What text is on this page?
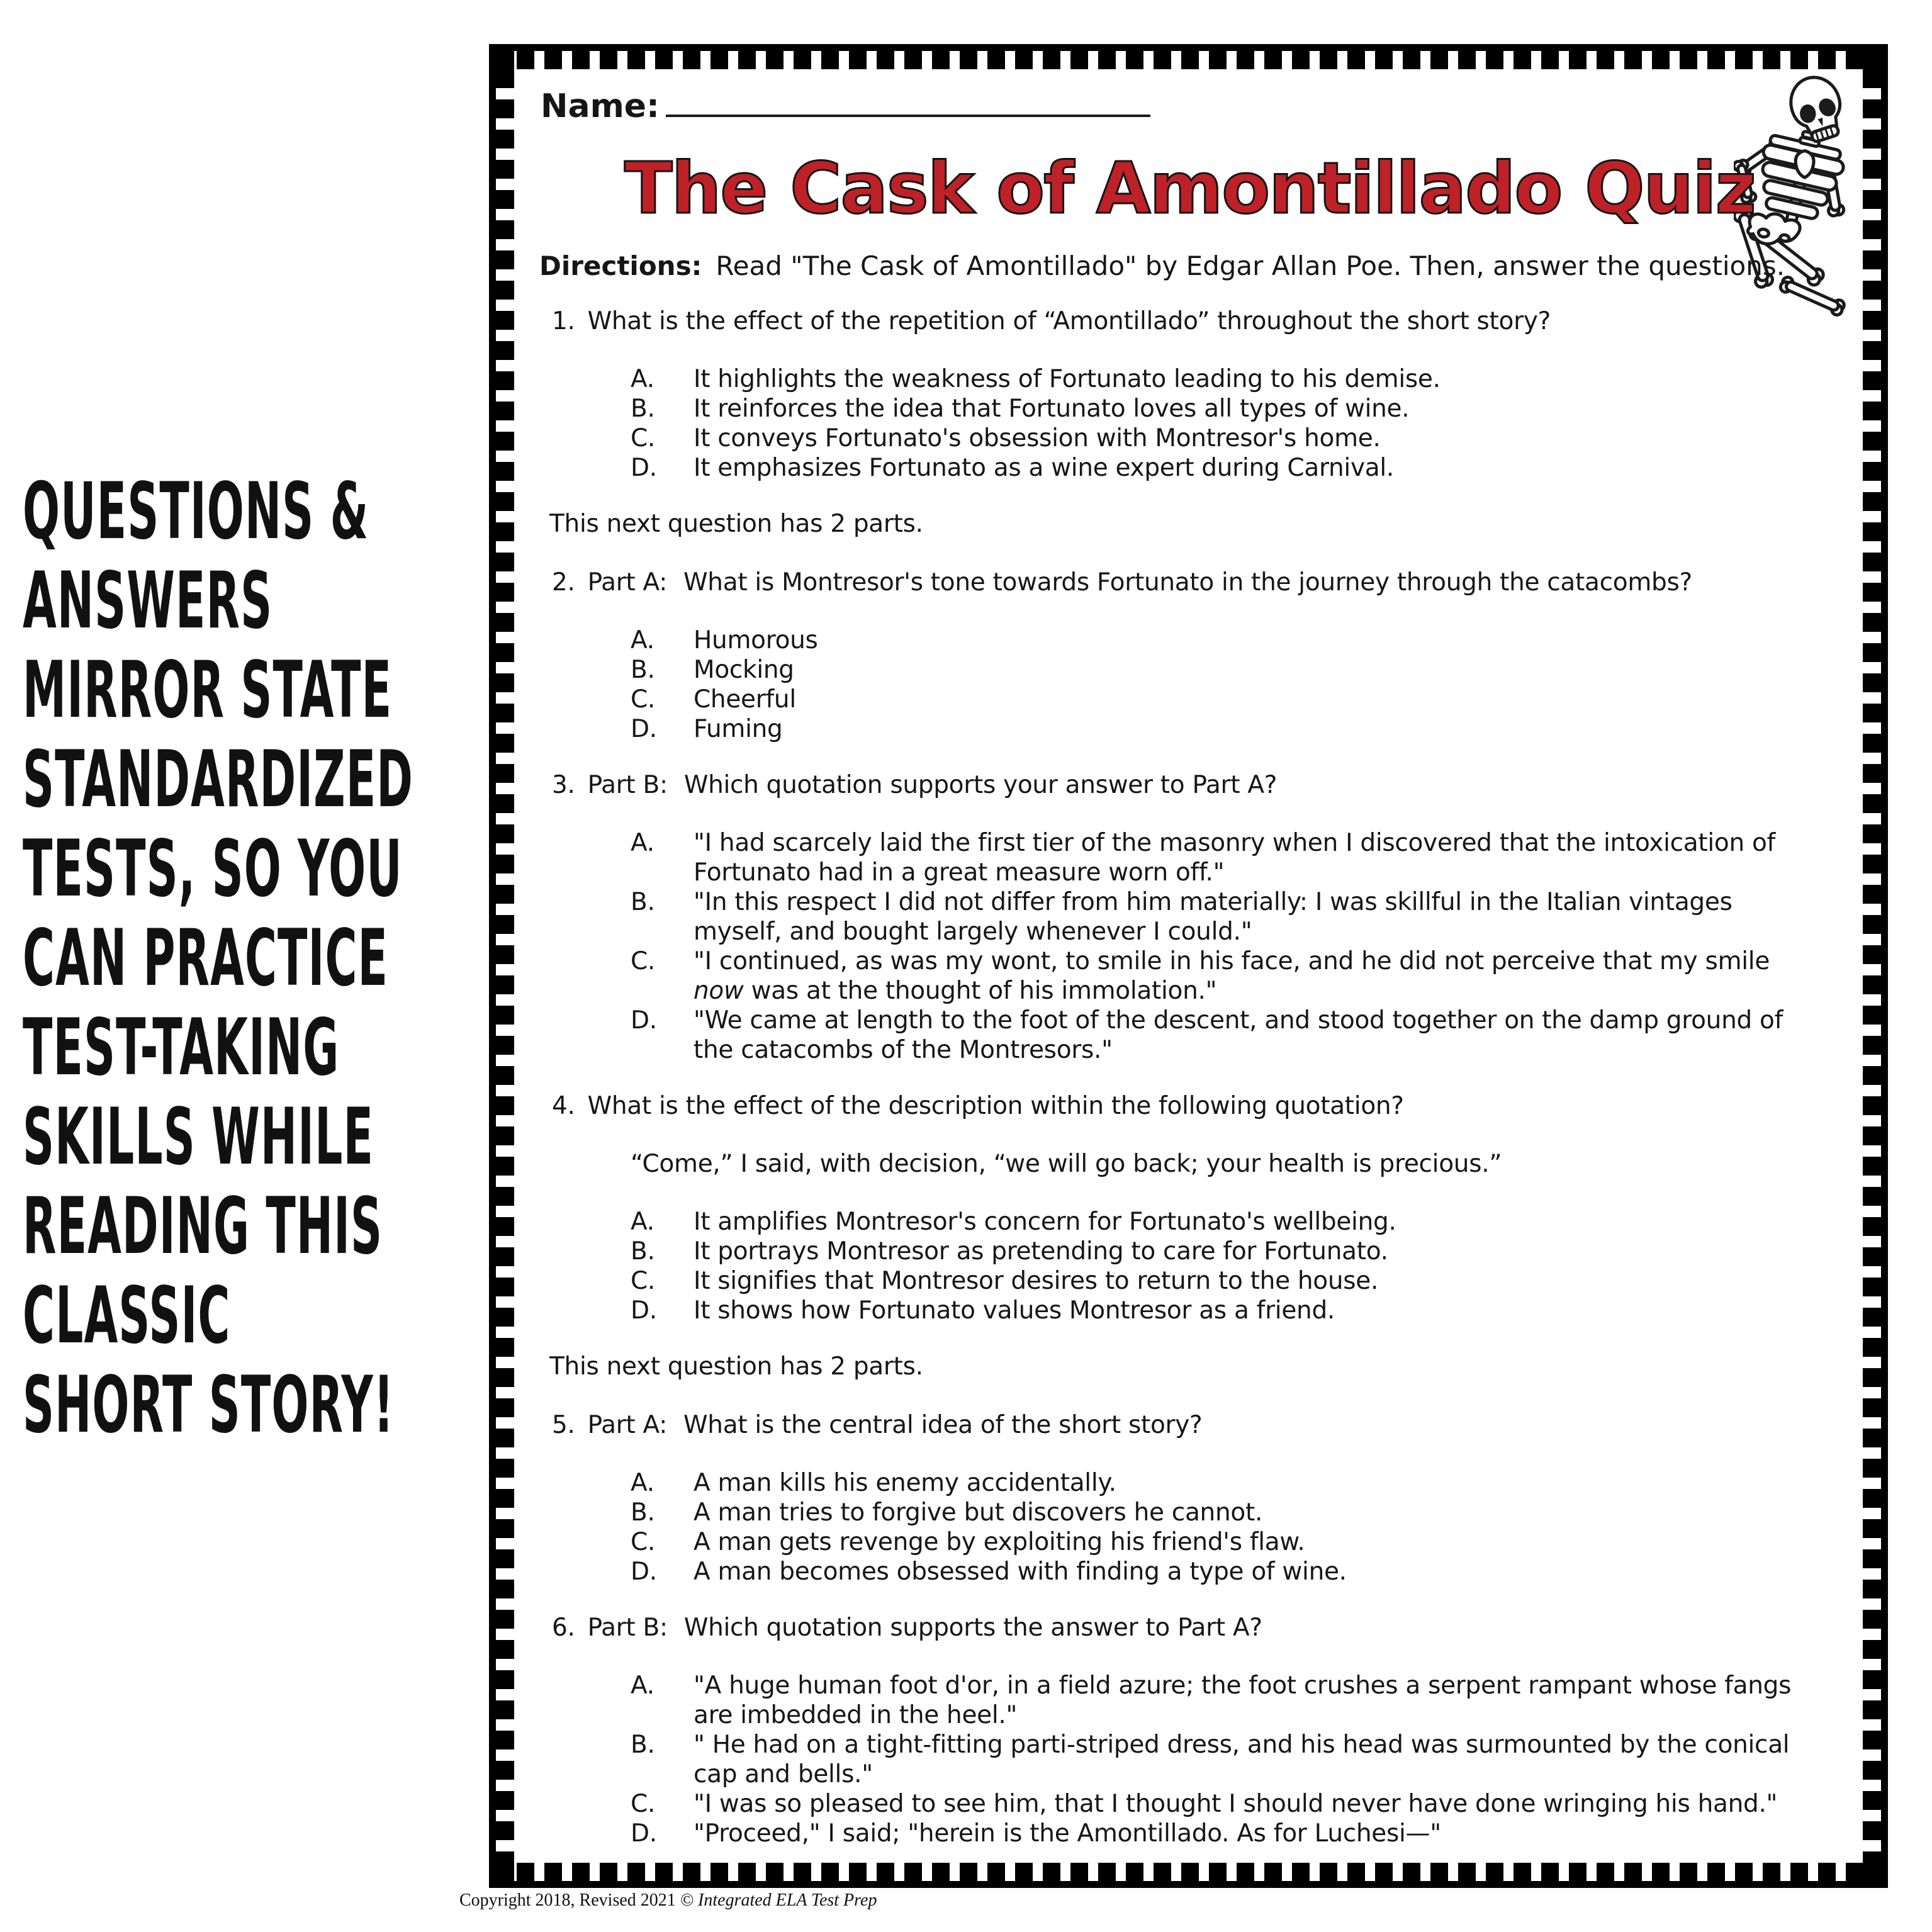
QUESTIONS &
ANSWERS
MIRROR STATE
STANDARDIZED
TESTS, SO YOU
CAN PRACTICE
TEST-TAKING
SKILLS WHILE
READING THIS
CLASSIC
SHORT STORY!
Name:
The Cask of Amontillado Quiz
Directions: Read "The Cask of Amontillado" by Edgar Allan Poe. Then, answer the questions.
1. What is the effect of the repetition of “Amontillado” throughout the short story?
A.	It highlights the weakness of Fortunato leading to his demise.
B.	It reinforces the idea that Fortunato loves all types of wine.
C.	It conveys Fortunato's obsession with Montresor's home.
D.	It emphasizes Fortunato as a wine expert during Carnival.
This next question has 2 parts.
2. Part A: What is Montresor's tone towards Fortunato in the journey through the catacombs?
A.	Humorous
B.	Mocking
C.	Cheerful
D.	Fuming
3. Part B: Which quotation supports your answer to Part A?
A.	"I had scarcely laid the first tier of the masonry when I discovered that the intoxication of Fortunato had in a great measure worn off."
B.	"In this respect I did not differ from him materially: I was skillful in the Italian vintages myself, and bought largely whenever I could."
C.	"I continued, as was my wont, to smile in his face, and he did not perceive that my smile now was at the thought of his immolation."
D.	"We came at length to the foot of the descent, and stood together on the damp ground of the catacombs of the Montresors."
4. What is the effect of the description within the following quotation?
“Come,” I said, with decision, “we will go back; your health is precious.”
A.	It amplifies Montresor's concern for Fortunato's wellbeing.
B.	It portrays Montresor as pretending to care for Fortunato.
C.	It signifies that Montresor desires to return to the house.
D.	It shows how Fortunato values Montresor as a friend.
This next question has 2 parts.
5. Part A: What is the central idea of the short story?
A.	A man kills his enemy accidentally.
B.	A man tries to forgive but discovers he cannot.
C.	A man gets revenge by exploiting his friend's flaw.
D.	A man becomes obsessed with finding a type of wine.
6. Part B: Which quotation supports the answer to Part A?
A.	"A huge human foot d'or, in a field azure; the foot crushes a serpent rampant whose fangs are imbedded in the heel."
B.	" He had on a tight-fitting parti-striped dress, and his head was surmounted by the conical cap and bells."
C.	"I was so pleased to see him, that I thought I should never have done wringing his hand."
D.	"Proceed," I said; "herein is the Amontillado. As for Luchesi—"
Copyright 2018, Revised 2021 © Integrated ELA Test Prep
